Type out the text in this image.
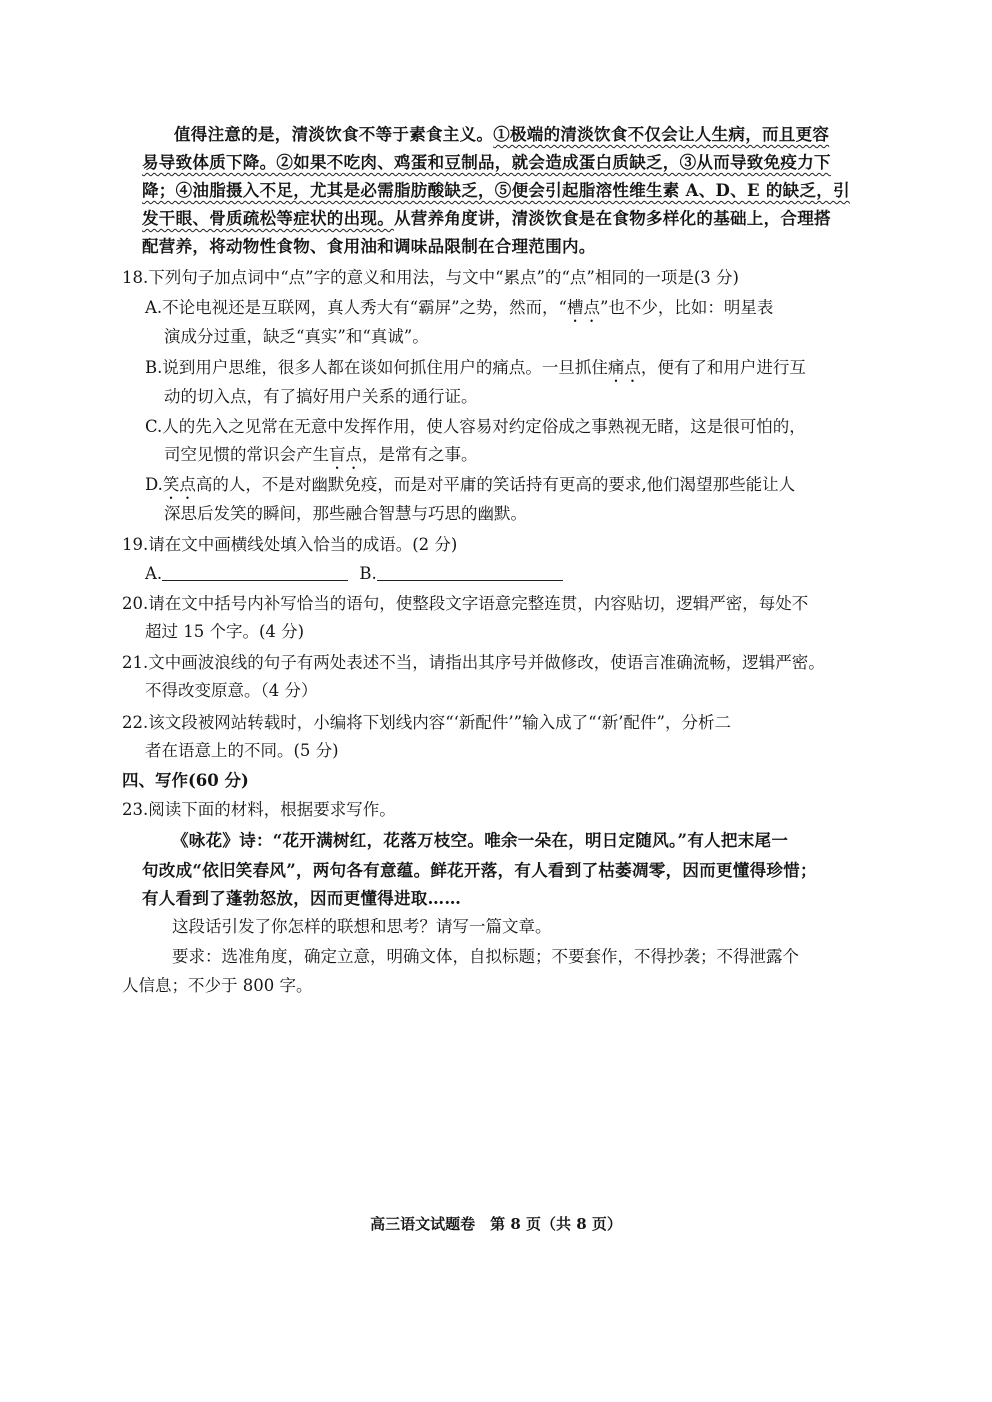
值得注意的是，清淡饮食不等于素食主义。①极端的清淡饮食不仅会让人生病，而且更容
易导致体质下降。②如果不吃肉、鸡蛋和豆制品，就会造成蛋白质缺乏，③从而导致免疫力下
降；④油脂摄入不足，尤其是必需脂肪酸缺乏，⑤便会引起脂溶性维生素 A、D、E 的缺乏，引
发干眼、骨质疏松等症状的出现。从营养角度讲，清淡饮食是在食物多样化的基础上，合理搭
配营养，将动物性食物、食用油和调味品限制在合理范围内。
18.下列句子加点词中“点”字的意义和用法，与文中“累点”的“点”相同的一项是(3 分)
A.不论电视还是互联网，真人秀大有“霸屏”之势，然而，“槽点”也不少，比如：明星表
演成分过重，缺乏“真实”和“真诚”。
B.说到用户思维，很多人都在谈如何抓住用户的痛点。一旦抓住痛点，便有了和用户进行互
动的切入点，有了搞好用户关系的通行证。
C.人的先入之见常在无意中发挥作用，使人容易对约定俗成之事熟视无睹，这是很可怕的，
司空见惯的常识会产生盲点，是常有之事。
D.笑点高的人，不是对幽默免疫，而是对平庸的笑话持有更高的要求,他们渴望那些能让人
深思后发笑的瞬间，那些融合智慧与巧思的幽默。
19.请在文中画横线处填入恰当的成语。(2 分)
A.	B.
20.请在文中括号内补写恰当的语句，使整段文字语意完整连贯，内容贴切，逻辑严密，每处不
超过 15 个字。(4 分)
21.文中画波浪线的句子有两处表述不当，请指出其序号并做修改，使语言准确流畅，逻辑严密。
不得改变原意。（4 分）
22.该文段被网站转载时，小编将下划线内容“‘新配件’”输入成了“‘新’配件”，分析二
者在语意上的不同。(5 分)
四、写作(60 分)
23.阅读下面的材料，根据要求写作。
《咏花》诗：“花开满树红，花落万枝空。唯余一朵在，明日定随风。”有人把末尾一
句改成“依旧笑春风”，两句各有意蕴。鲜花开落，有人看到了枯萎凋零，因而更懂得珍惜；
有人看到了蓬勃怒放，因而更懂得进取……
这段话引发了你怎样的联想和思考？请写一篇文章。
要求：选准角度，确定立意，明确文体，自拟标题；不要套作，不得抄袭；不得泄露个
人信息；不少于 800 字。
高三语文试题卷　第 8 页（共 8 页）
